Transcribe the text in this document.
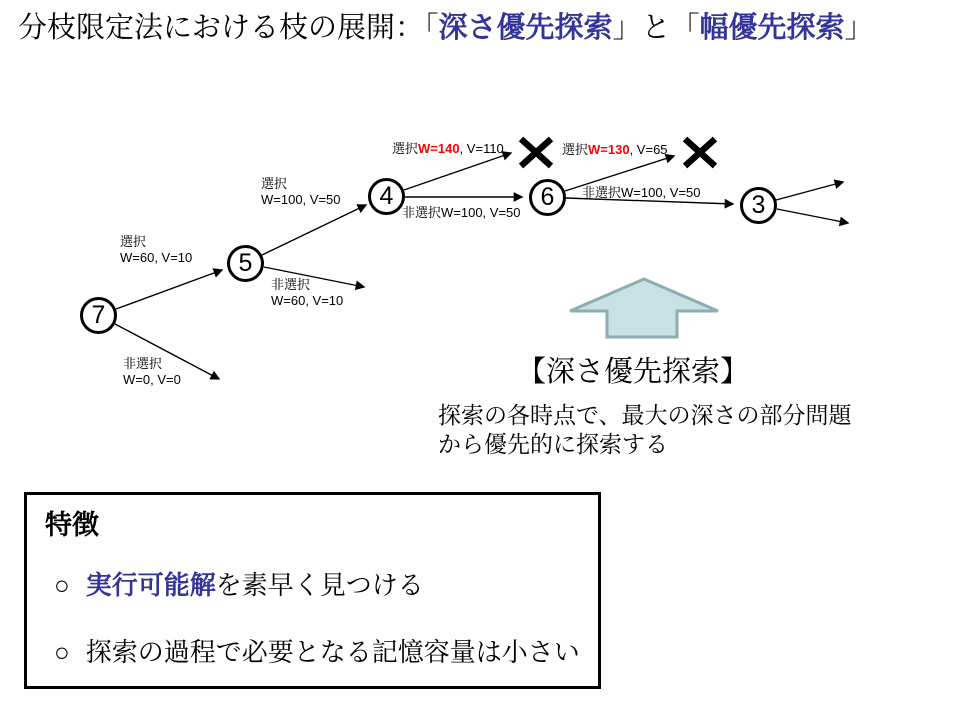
分枝限定法における枝の展開：「深さ優先探索」と「幅優先探索」
7
5
4	6	3
選択
W=60, V=10
非選択
W=0, V=0
選択
W=100, V=50
非選択
W=60, V=10
選択W=140, V=110
非選択W=100, V=50
選択W=130, V=65
非選択W=100, V=50
【深さ優先探索】
探索の各時点で、最大の深さの部分問題
から優先的に探索する
特徴
○ 実行可能解を素早く見つける
○ 探索の過程で必要となる記憶容量は小さい
